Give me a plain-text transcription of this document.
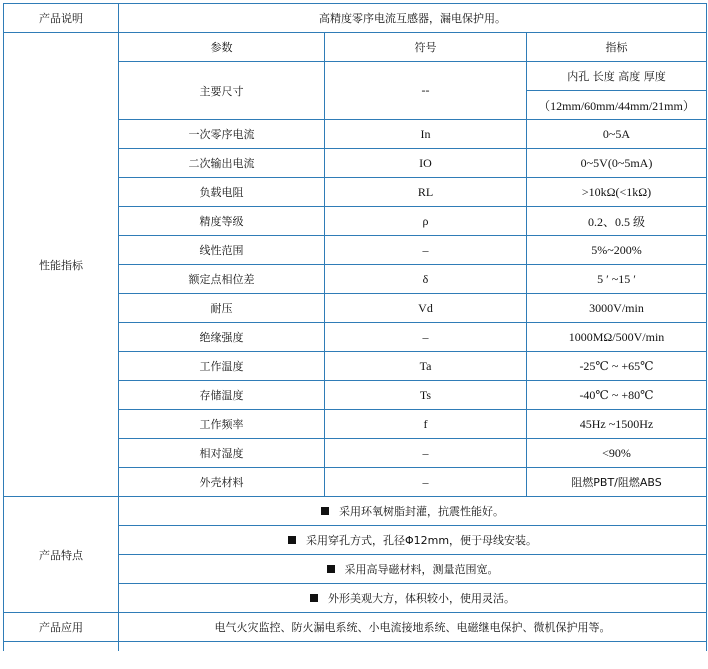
产品说明	高精度零序电流互感器，漏电保护用。		
性能指标	参数	符号	指标
	主要尺寸	--	内孔 长度 高度 厚度
			（12mm/60mm/44mm/21mm）
	一次零序电流	In	0~5A
	二次输出电流	IO	0~5V(0~5mA)
	负载电阻	RL	>10kΩ(<1kΩ)
	精度等级	ρ	0.2、0.5 级
	线性范围	–	5%~200%
	额定点相位差	δ	5 ′ ~15 ′
	耐压	Vd	3000V/min
	绝缘强度	–	1000MΩ/500V/min
	工作温度	Ta	-25℃ ~ +65℃
	存储温度	Ts	-40℃ ~ +80℃
	工作频率	f	45Hz ~1500Hz
	相对湿度	–	<90%
	外壳材料	–	阻燃PBT/阻燃ABS
产品特点	采用环氧树脂封灌，抗震性能好。		
	采用穿孔方式，孔径Φ12mm，便于母线安装。		
	采用高导磁材料，测量范围宽。		
	外形美观大方，体积较小，使用灵活。		
产品应用	电气火灾监控、防火漏电系统、小电流接地系统、电磁继电保护、微机保护用等。		
